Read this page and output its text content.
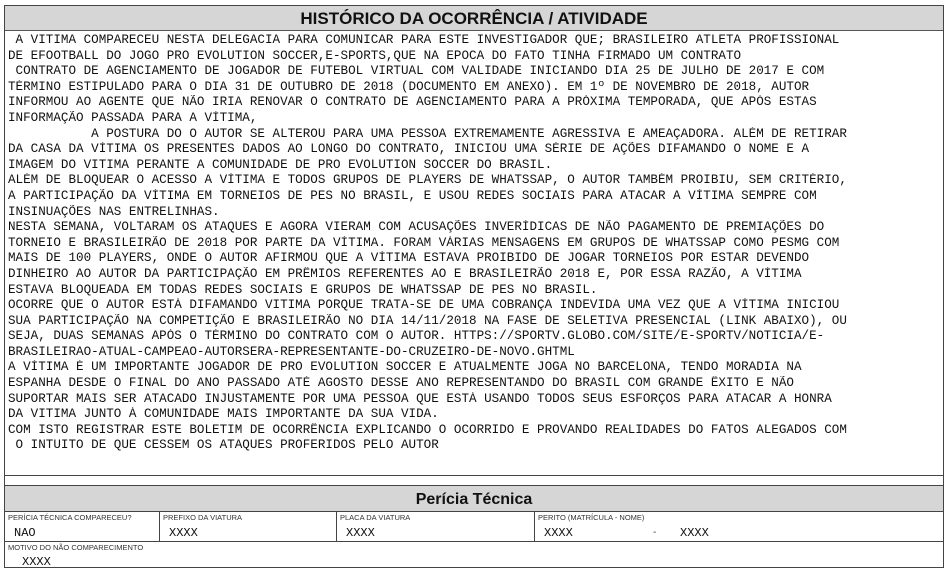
HISTÓRICO DA OCORRÊNCIA / ATIVIDADE
A VITIMA COMPARECEU NESTA DELEGACIA PARA COMUNICAR PARA ESTE INVESTIGADOR QUE; BRASILEIRO ATLETA PROFISSIONAL
DE EFOOTBALL DO JOGO PRO EVOLUTION SOCCER,E-SPORTS,QUE NA EPOCA DO FATO TINHA FIRMADO UM CONTRATO
CONTRATO DE AGENCIAMENTO DE JOGADOR DE FUTEBOL VIRTUAL COM VALIDADE INICIANDO DIA 25 DE JULHO DE 2017 E COM
TÉRMINO ESTIPULADO PARA O DIA 31 DE OUTUBRO DE 2018 (DOCUMENTO EM ANEXO). EM 1º DE NOVEMBRO DE 2018, AUTOR
INFORMOU AO AGENTE QUE NÃO IRIA RENOVAR O CONTRATO DE AGENCIAMENTO PARA A PRÓXIMA TEMPORADA, QUE APÓS ESTAS
INFORMAÇÃO PASSADA PARA A VÍTIMA,
A POSTURA DO O AUTOR SE ALTEROU PARA UMA PESSOA EXTREMAMENTE AGRESSIVA E AMEAÇADORA. ALÉM DE RETIRAR
DA CASA DA VÍTIMA OS PRESENTES DADOS AO LONGO DO CONTRATO, INICIOU UMA SÉRIE DE AÇÕES DIFAMANDO O NOME E A
IMAGEM DO VITIMA PERANTE A COMUNIDADE DE PRO EVOLUTION SOCCER DO BRASIL.
ALÉM DE BLOQUEAR O ACESSO A VÍTIMA E TODOS GRUPOS DE PLAYERS DE WHATSSAP, O AUTOR TAMBÉM PROIBIU, SEM CRITÉRIO,
A PARTICIPAÇÃO DA VÍTIMA EM TORNEIOS DE PES NO BRASIL, E USOU REDES SOCIAIS PARA ATACAR A VÍTIMA SEMPRE COM
INSINUAÇÕES NAS ENTRELINHAS.
NESTA SEMANA, VOLTARAM OS ATAQUES E AGORA VIERAM COM ACUSAÇÕES INVERÍDICAS DE NÃO PAGAMENTO DE PREMIAÇÕES DO
TORNEIO E BRASILEIRÃO DE 2018 POR PARTE DA VÍTIMA. FORAM VÁRIAS MENSAGENS EM GRUPOS DE WHATSSAP COMO PESMG COM
MAIS DE 100 PLAYERS, ONDE O AUTOR AFIRMOU QUE A VÍTIMA ESTAVA PROIBIDO DE JOGAR TORNEIOS POR ESTAR DEVENDO
DINHEIRO AO AUTOR DA PARTICIPAÇÃO EM PRÊMIOS REFERENTES AO E BRASILEIRÃO 2018 E, POR ESSA RAZÃO, A VÍTIMA
ESTAVA BLOQUEADA EM TODAS REDES SOCIAIS E GRUPOS DE WHATSSAP DE PES NO BRASIL.
OCORRE QUE O AUTOR ESTÁ DIFAMANDO VITIMA PORQUE TRATA-SE DE UMA COBRANÇA INDEVIDA UMA VEZ QUE A VÍTIMA INICIOU
SUA PARTICIPAÇÃO NA COMPETIÇÃO E BRASILEIRÃO NO DIA 14/11/2018 NA FASE DE SELETIVA PRESENCIAL (LINK ABAIXO), OU
SEJA, DUAS SEMANAS APÓS O TÉRMINO DO CONTRATO COM O AUTOR. HTTPS://SPORTV.GLOBO.COM/SITE/E-SPORTV/NOTICIA/E-
BRASILEIRAO-ATUAL-CAMPEAO-AUTORSERA-REPRESENTANTE-DO-CRUZEIRO-DE-NOVO.GHTML
A VÍTIMA É UM IMPORTANTE JOGADOR DE PRO EVOLUTION SOCCER E ATUALMENTE JOGA NO BARCELONA, TENDO MORADIA NA
ESPANHA DESDE O FINAL DO ANO PASSADO ATÉ AGOSTO DESSE ANO REPRESENTANDO DO BRASIL COM GRANDE ÊXITO E NÃO
SUPORTAR MAIS SER ATACADO INJUSTAMENTE POR UMA PESSOA QUE ESTÁ USANDO TODOS SEUS ESFORÇOS PARA ATACAR A HONRA
DA VITIMA JUNTO À COMUNIDADE MAIS IMPORTANTE DA SUA VIDA.
COM ISTO REGISTRAR ESTE BOLETIM DE OCORRÊNCIA EXPLICANDO O OCORRIDO E PROVANDO REALIDADES DO FATOS ALEGADOS COM
O INTUITO DE QUE CESSEM OS ATAQUES PROFERIDOS PELO AUTOR
Perícia Técnica
PERÍCIA TÉCNICA COMPARECEU?
NAO
PREFIXO DA VIATURA
XXXX
PLACA DA VIATURA
XXXX
PERITO (MATRÍCULA - NOME)
XXXX	- XXXX
MOTIVO DO NÃO COMPARECIMENTO
XXXX
